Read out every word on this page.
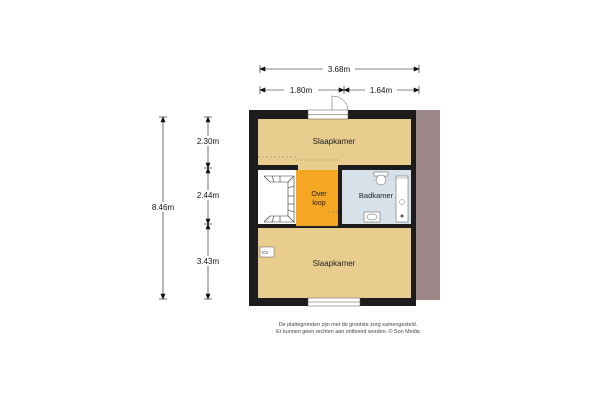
CV
Slaapkamer
Over
loop
Badkamer
Slaapkamer
3.68m
1.80m	1.64m
8.46m
2.30m
2.44m
3.43m
De plattegronden zijn met de grootste zorg samengesteld.
Er kunnen geen rechten aan ontleend worden. © Soo Media
